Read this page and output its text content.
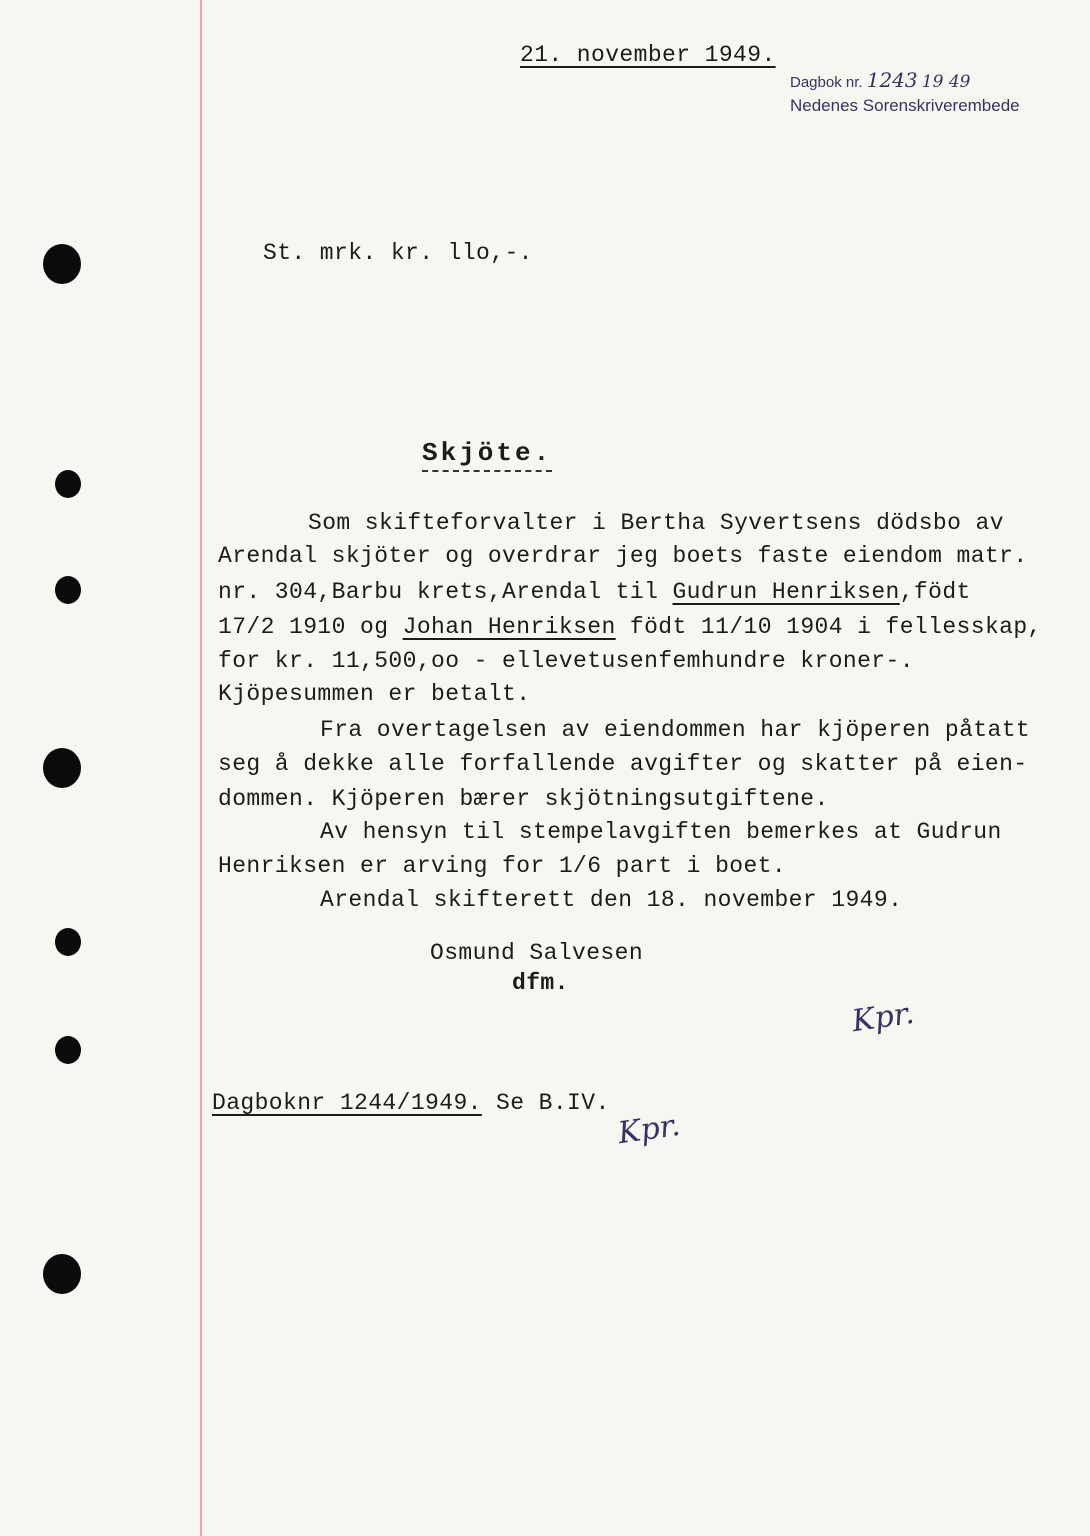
21. november 1949.
Dagbok nr. 1243 19 49
Nedenes Sorenskriverembede
St. mrk. kr. llo,-.
Skjöte.
Som skifteforvalter i Bertha Syvertsens dödsbo av
Arendal skjöter og overdrar jeg boets faste eiendom matr.
nr. 304,Barbu krets,Arendal til Gudrun Henriksen,födt
17/2 1910 og Johan Henriksen födt 11/10 1904 i fellesskap,
for kr. 11,500,oo - ellevetusenfemhundre kroner-.
Kjöpesummen er betalt.
Fra overtagelsen av eiendommen har kjöperen påtatt
seg å dekke alle forfallende avgifter og skatter på eien-
dommen. Kjöperen bærer skjötningsutgiftene.
Av hensyn til stempelavgiften bemerkes at Gudrun
Henriksen er arving for 1/6 part i boet.
Arendal skifterett den 18. november 1949.
Osmund Salvesen
dfm.
Kpr.
Dagboknr 1244/1949. Se B.IV.
Kpr.
